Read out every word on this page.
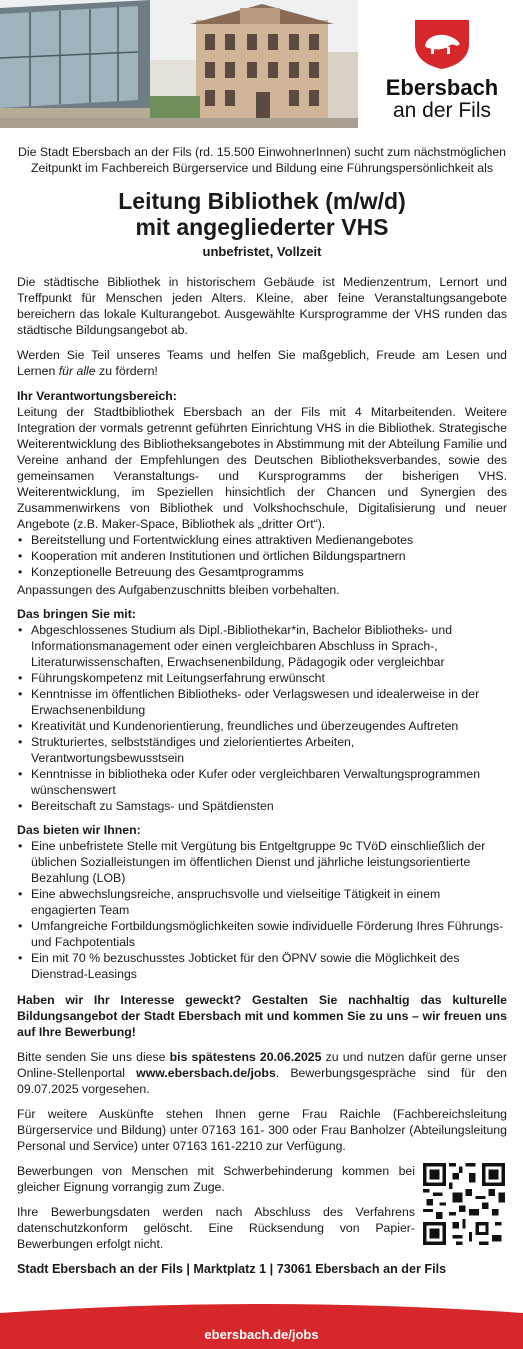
Ebersbach
an der Fils

Die Stadt Ebersbach an der Fils (rd. 15.500 EinwohnerInnen) sucht zum nächstmöglichen Zeitpunkt im Fachbereich Bürgerservice und Bildung eine Führungspersönlichkeit als

Leitung Bibliothek (m/w/d)
mit angegliederter VHS
unbefristet, Vollzeit

Die städtische Bibliothek in historischem Gebäude ist Medienzentrum, Lernort und Treffpunkt für Menschen jeden Alters. Kleine, aber feine Veranstaltungsangebote bereichern das lokale Kulturangebot. Ausgewählte Kursprogramme der VHS runden das städtische Bildungsangebot ab.

Werden Sie Teil unseres Teams und helfen Sie maßgeblich, Freude am Lesen und Lernen für alle zu fördern!

Ihr Verantwortungsbereich:

Leitung der Stadtbibliothek Ebersbach an der Fils mit 4 Mitarbeitenden. Weitere Integration der vormals getrennt geführten Einrichtung VHS in die Bibliothek. Strategische Weiterentwicklung des Bibliotheksangebotes in Abstimmung mit der Abteilung Familie und Vereine anhand der Empfehlungen des Deutschen Bibliotheksverbandes, sowie des gemeinsamen Veranstaltungs- und Kursprogramms der bisherigen VHS. Weiterentwicklung, im Speziellen hinsichtlich der Chancen und Synergien des Zusammenwirkens von Bibliothek und Volkshochschule, Digitalisierung und neuer Angebote (z.B. Maker-Space, Bibliothek als „dritter Ort“).

• Bereitstellung und Fortentwicklung eines attraktiven Medienangebotes
• Kooperation mit anderen Institutionen und örtlichen Bildungspartnern
• Konzeptionelle Betreuung des Gesamtprogramms
Anpassungen des Aufgabenzuschnitts bleiben vorbehalten.
Das bringen Sie mit:
• Abgeschlossenes Studium als Dipl.-Bibliothekar*in, Bachelor Bibliotheks- und Informationsmanagement oder einen vergleichbaren Abschluss in Sprach-, Literaturwissenschaften, Erwachsenenbildung, Pädagogik oder vergleichbar
• Führungskompetenz mit Leitungserfahrung erwünscht
• Kenntnisse im öffentlichen Bibliotheks- oder Verlagswesen und idealerweise in der Erwachsenenbildung
• Kreativität und Kundenorientierung, freundliches und überzeugendes Auftreten
• Strukturiertes, selbstständiges und zielorientiertes Arbeiten, Verantwortungsbewusstsein
• Kenntnisse in bibliotheka oder Kufer oder vergleichbaren Verwaltungsprogrammen wünschenswert
• Bereitschaft zu Samstags- und Spätdiensten
Das bieten wir Ihnen:
• Eine unbefristete Stelle mit Vergütung bis Entgeltgruppe 9c TVöD einschließlich der üblichen Sozialleistungen im öffentlichen Dienst und jährliche leistungsorientierte Bezahlung (LOB)
• Eine abwechslungsreiche, anspruchsvolle und vielseitige Tätigkeit in einem engagierten Team
• Umfangreiche Fortbildungsmöglichkeiten sowie individuelle Förderung Ihres Führungs- und Fachpotentials
• Ein mit 70 % bezuschusstes Jobticket für den ÖPNV sowie die Möglichkeit des Dienstrad-Leasings

Haben wir Ihr Interesse geweckt? Gestalten Sie nachhaltig das kulturelle Bildungsangebot der Stadt Ebersbach mit und kommen Sie zu uns – wir freuen uns auf Ihre Bewerbung!

Bitte senden Sie uns diese bis spätestens 20.06.2025 zu und nutzen dafür gerne unser Online-Stellenportal www.ebersbach.de/jobs. Bewerbungsgespräche sind für den 09.07.2025 vorgesehen.

Für weitere Auskünfte stehen Ihnen gerne Frau Raichle (Fachbereichsleitung Bürgerservice und Bildung) unter 07163 161- 300 oder Frau Banholzer (Abteilungsleitung Personal und Service) unter 07163 161-2210 zur Verfügung.

Bewerbungen von Menschen mit Schwerbehinderung kommen bei gleicher Eignung vorrangig zum Zuge.

Ihre Bewerbungsdaten werden nach Abschluss des Verfahrens datenschutzkonform gelöscht. Eine Rücksendung von Papier-Bewerbungen erfolgt nicht.

Stadt Ebersbach an der Fils | Marktplatz 1 | 73061 Ebersbach an der Fils
ebersbach.de/jobs
